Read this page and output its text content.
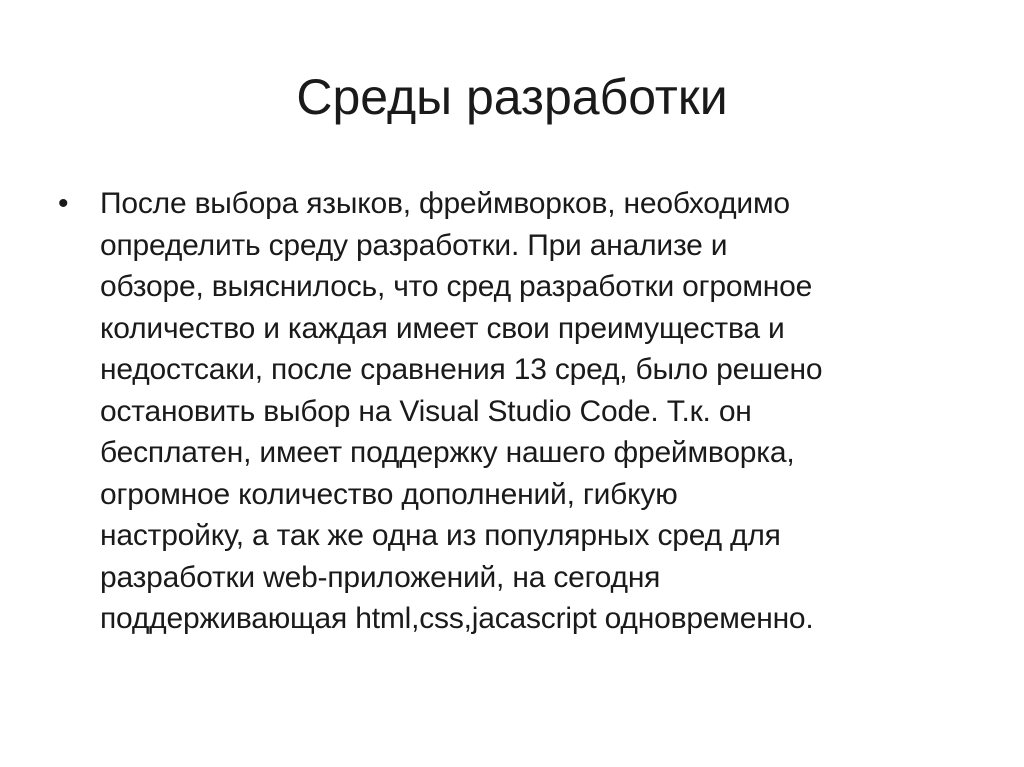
Среды разработки
•	После выбора языков, фреймворков, необходимо
определить среду разработки. При анализе и
обзоре, выяснилось, что сред разработки огромное
количество и каждая имеет свои преимущества и
недостсаки, после сравнения 13 сред, было решено
остановить выбор на Visual Studio Code. Т.к. он
бесплатен, имеет поддержку нашего фреймворка,
огромное количество дополнений, гибкую
настройку, а так же одна из популярных сред для
разработки web-приложений, на сегодня
поддерживающая html,css,jacascript одновременно.
